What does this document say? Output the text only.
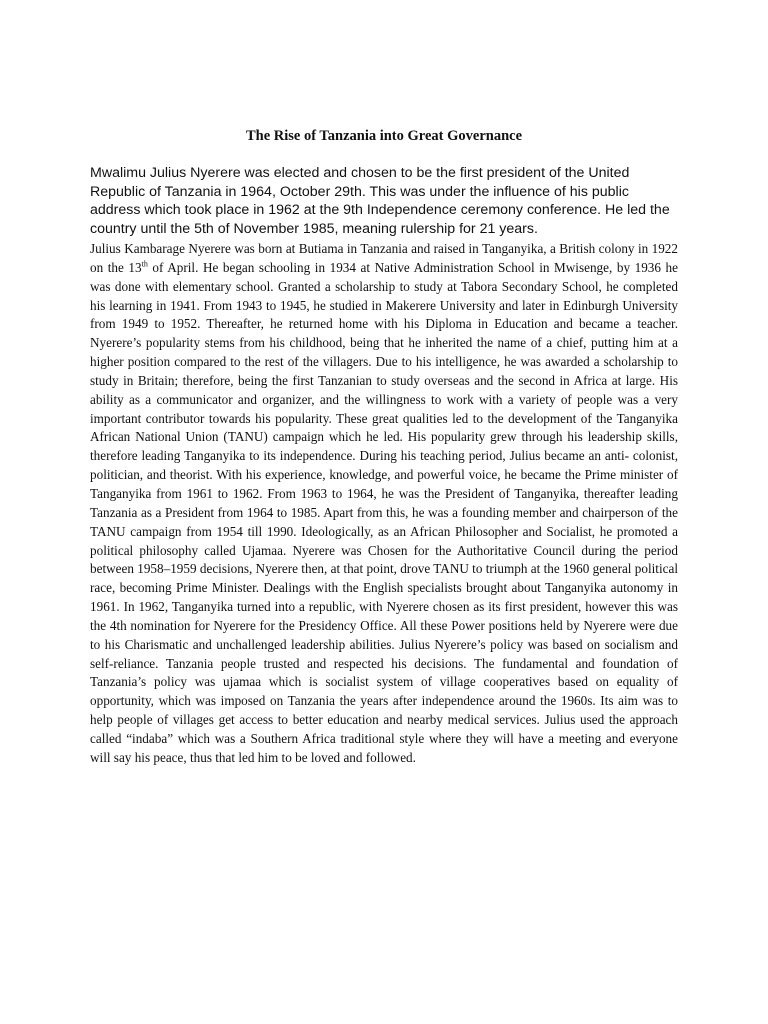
The Rise of Tanzania into Great Governance

Mwalimu Julius Nyerere was elected and chosen to be the first president of the United Republic of Tanzania in 1964, October 29th. This was under the influence of his public address which took place in 1962 at the 9th Independence ceremony conference. He led the country until the 5th of November 1985, meaning rulership for 21 years.

Julius Kambarage Nyerere was born at Butiama in Tanzania and raised in Tanganyika, a British colony in 1922 on the 13th of April. He began schooling in 1934 at Native Administration School in Mwisenge, by 1936 he was done with elementary school. Granted a scholarship to study at Tabora Secondary School, he completed his learning in 1941. From 1943 to 1945, he studied in Makerere University and later in Edinburgh University from 1949 to 1952. Thereafter, he returned home with his Diploma in Education and became a teacher. Nyerere’s popularity stems from his childhood, being that he inherited the name of a chief, putting him at a higher position compared to the rest of the villagers. Due to his intelligence, he was awarded a scholarship to study in Britain; therefore, being the first Tanzanian to study overseas and the second in Africa at large. His ability as a communicator and organizer, and the willingness to work with a variety of people was a very important contributor towards his popularity. These great qualities led to the development of the Tanganyika African National Union (TANU) campaign which he led. His popularity grew through his leadership skills, therefore leading Tanganyika to its independence. During his teaching period, Julius became an anti- colonist, politician, and theorist. With his experience, knowledge, and powerful voice, he became the Prime minister of Tanganyika from 1961 to 1962. From 1963 to 1964, he was the President of Tanganyika, thereafter leading Tanzania as a President from 1964 to 1985. Apart from this, he was a founding member and chairperson of the TANU campaign from 1954 till 1990. Ideologically, as an African Philosopher and Socialist, he promoted a political philosophy called Ujamaa. Nyerere was Chosen for the Authoritative Council during the period between 1958–1959 decisions, Nyerere then, at that point, drove TANU to triumph at the 1960 general political race, becoming Prime Minister. Dealings with the English specialists brought about Tanganyika autonomy in 1961. In 1962, Tanganyika turned into a republic, with Nyerere chosen as its first president, however this was the 4th nomination for Nyerere for the Presidency Office. All these Power positions held by Nyerere were due to his Charismatic and unchallenged leadership abilities. Julius Nyerere’s policy was based on socialism and self-reliance. Tanzania people trusted and respected his decisions. The fundamental and foundation of Tanzania’s policy was ujamaa which is socialist system of village cooperatives based on equality of opportunity, which was imposed on Tanzania the years after independence around the 1960s. Its aim was to help people of villages get access to better education and nearby medical services. Julius used the approach called “indaba” which was a Southern Africa traditional style where they will have a meeting and everyone will say his peace, thus that led him to be loved and followed.
